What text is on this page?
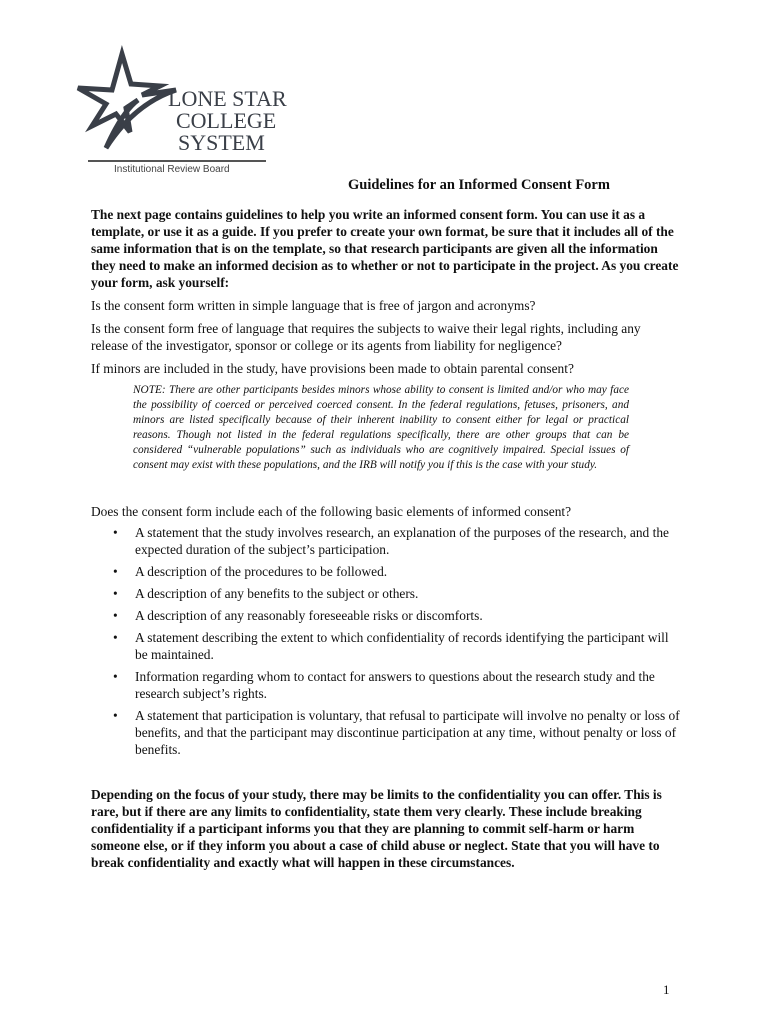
LONE STAR
COLLEGE
SYSTEM
Institutional Review Board
Guidelines for an Informed Consent Form

The next page contains guidelines to help you write an informed consent form. You can use it as a template, or use it as a guide. If you prefer to create your own format, be sure that it includes all of the same information that is on the template, so that research participants are given all the information they need to make an informed decision as to whether or not to participate in the project. As you create your form, ask yourself:

Is the consent form written in simple language that is free of jargon and acronyms?

Is the consent form free of language that requires the subjects to waive their legal rights, including any release of the investigator, sponsor or college or its agents from liability for negligence?

If minors are included in the study, have provisions been made to obtain parental consent?

NOTE: There are other participants besides minors whose ability to consent is limited and/or who may face the possibility of coerced or perceived coerced consent. In the federal regulations, fetuses, prisoners, and minors are listed specifically because of their inherent inability to consent either for legal or practical reasons. Though not listed in the federal regulations specifically, there are other groups that can be considered “vulnerable populations” such as individuals who are cognitively impaired. Special issues of consent may exist with these populations, and the IRB will notify you if this is the case with your study.

Does the consent form include each of the following basic elements of informed consent?

• A statement that the study involves research, an explanation of the purposes of the research, and the expected duration of the subject’s participation.
• A description of the procedures to be followed.
• A description of any benefits to the subject or others.
• A description of any reasonably foreseeable risks or discomforts.
• A statement describing the extent to which confidentiality of records identifying the participant will be maintained.
• Information regarding whom to contact for answers to questions about the research study and the research subject’s rights.
• A statement that participation is voluntary, that refusal to participate will involve no penalty or loss of benefits, and that the participant may discontinue participation at any time, without penalty or loss of benefits.

Depending on the focus of your study, there may be limits to the confidentiality you can offer. This is rare, but if there are any limits to confidentiality, state them very clearly. These include breaking confidentiality if a participant informs you that they are planning to commit self-harm or harm someone else, or if they inform you about a case of child abuse or neglect. State that you will have to break confidentiality and exactly what will happen in these circumstances.

1
